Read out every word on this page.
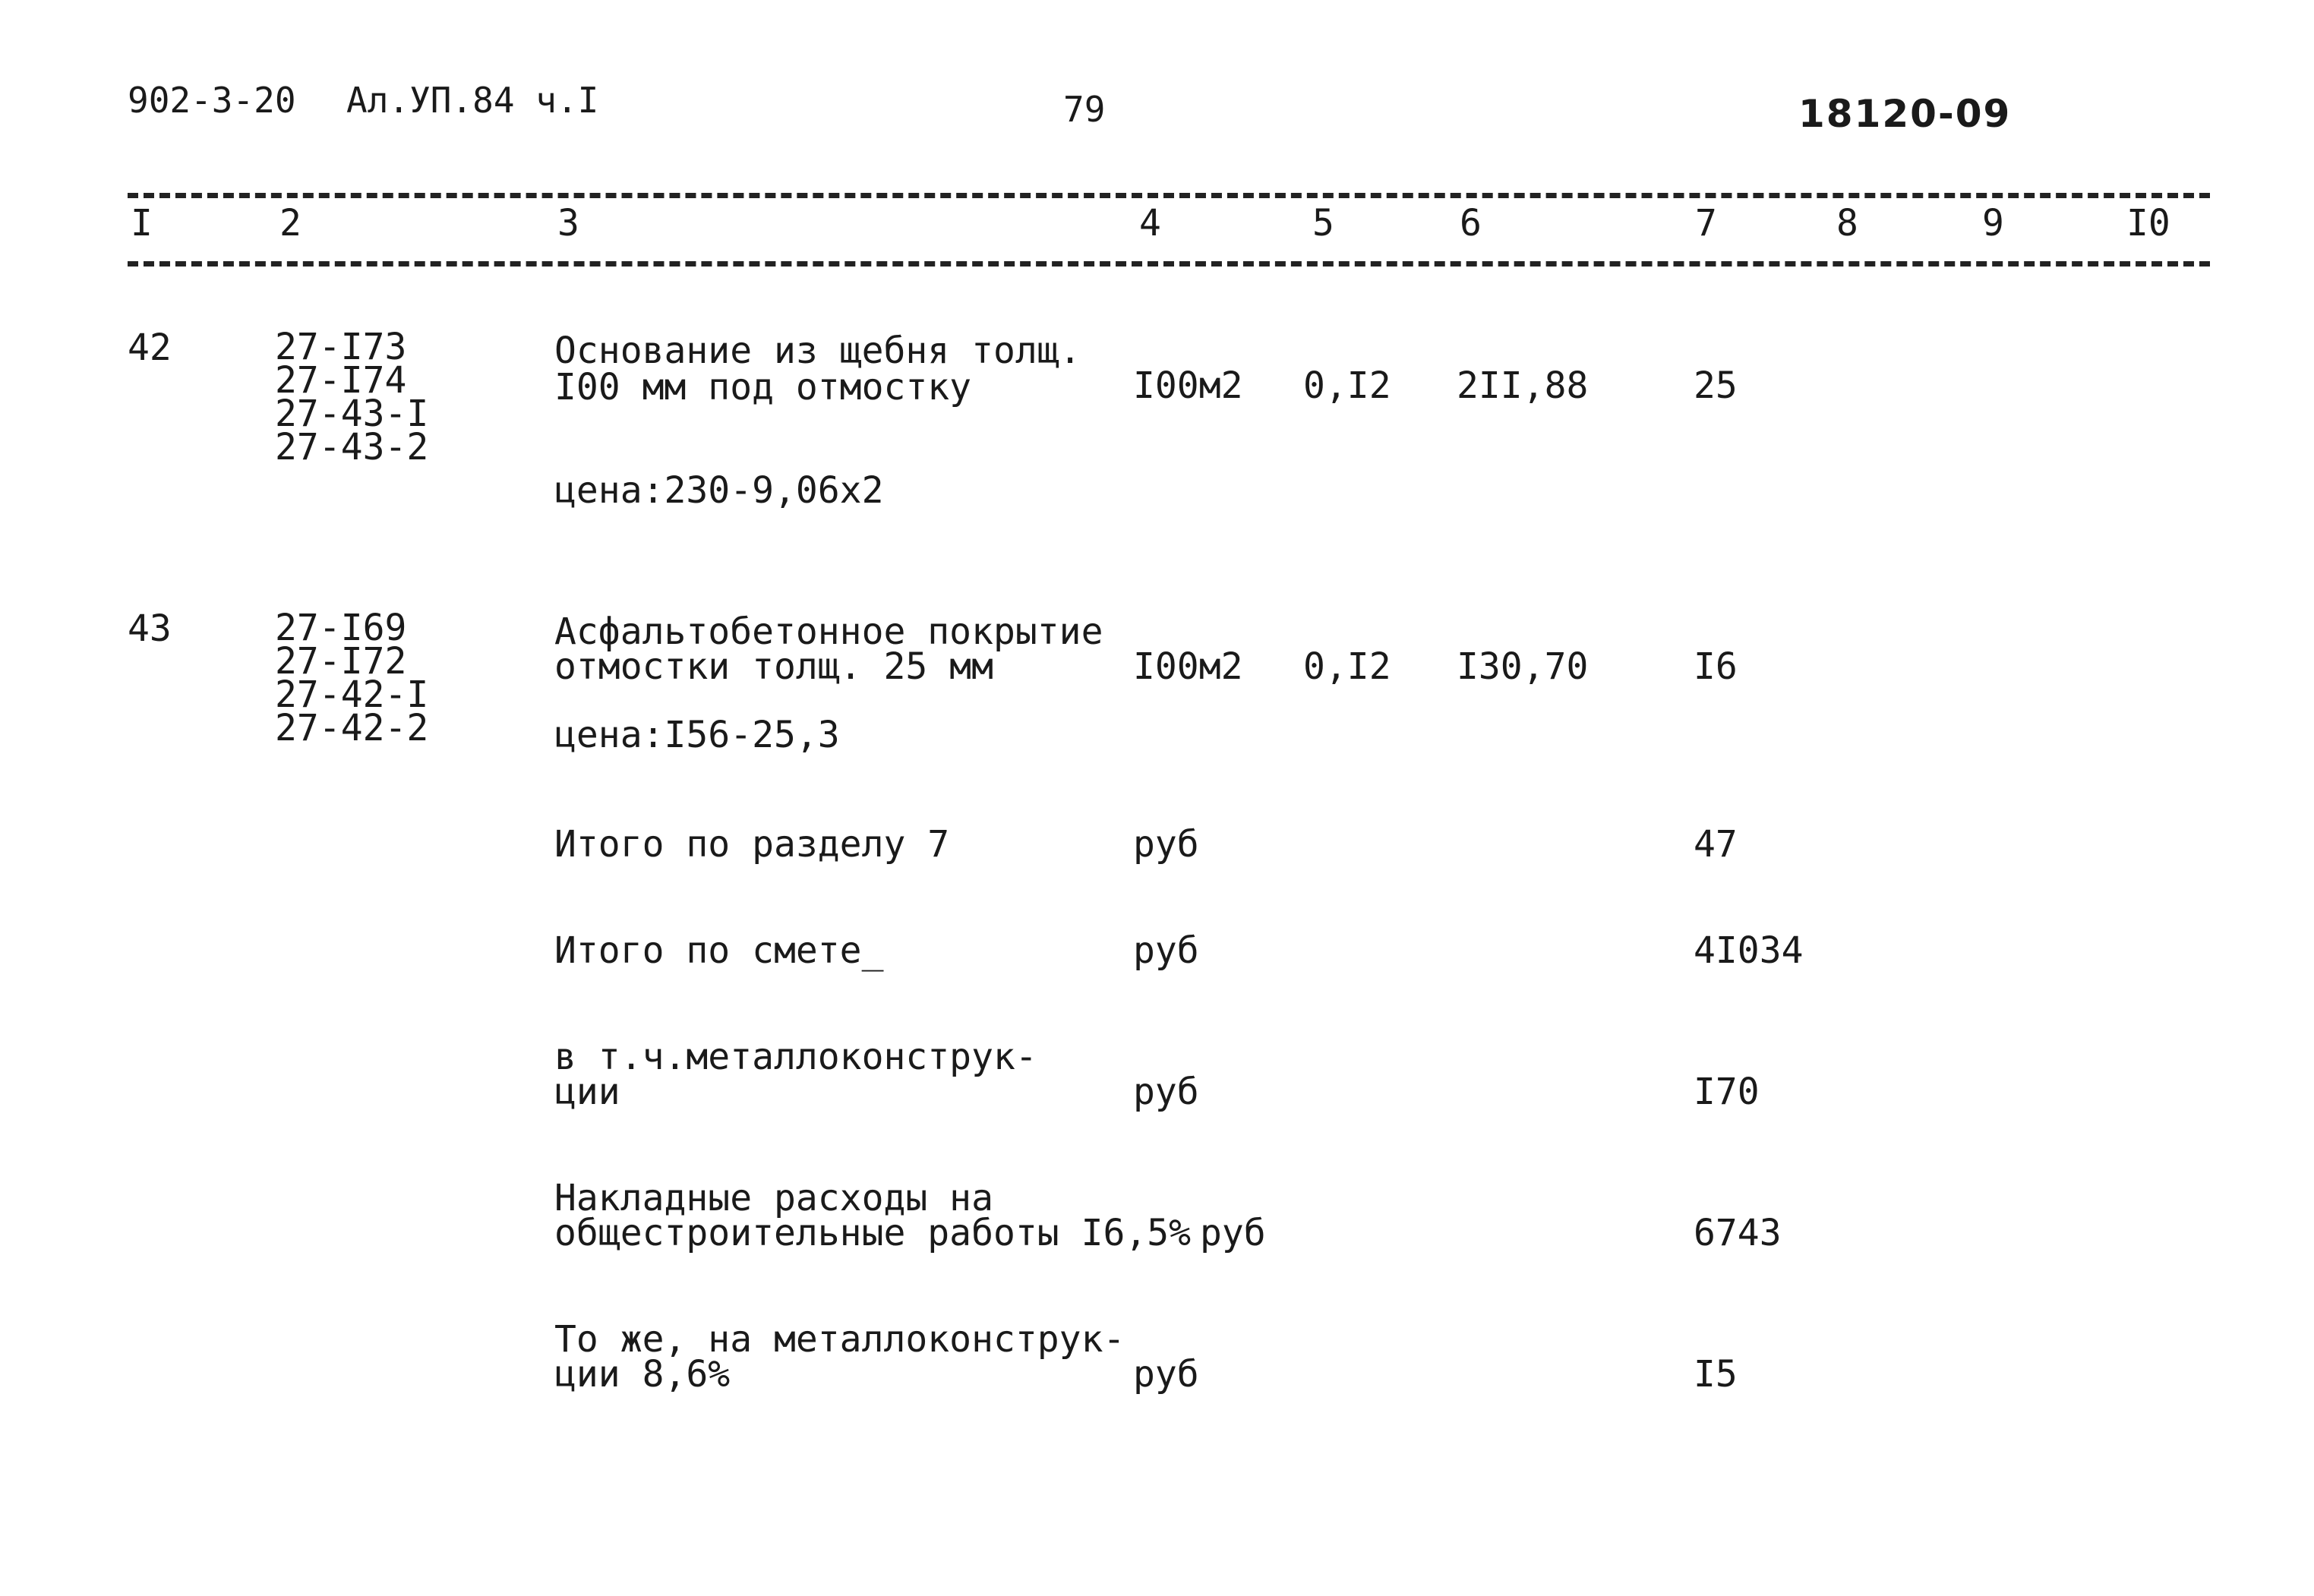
902-3-20 Ал.УП.84 ч.I	79	18120-09
I	2	3	4	5	6	7	8	9	I0
42	27-I73
27-I74
27-43-I
27-43-2
Основание из щебня толщ.
I00 мм под отмостку	I00м2 0,I2 2II,88	25
цена:230-9,06х2
43	27-I69
27-I72
27-42-I
27-42-2
Асфальтобетонное покрытие
отмостки толщ. 25 мм	I00м2 0,I2 I30,70	I6
цена:I56-25,3
Итого по разделу 7	руб	47
Итого по смете_	руб	4I034
в т.ч.металлоконструк-
ции	руб	I70
Накладные расходы на
общестроительные работы I6,5% руб	6743
То же, на металлоконструк-
ции 8,6%	руб	I5
